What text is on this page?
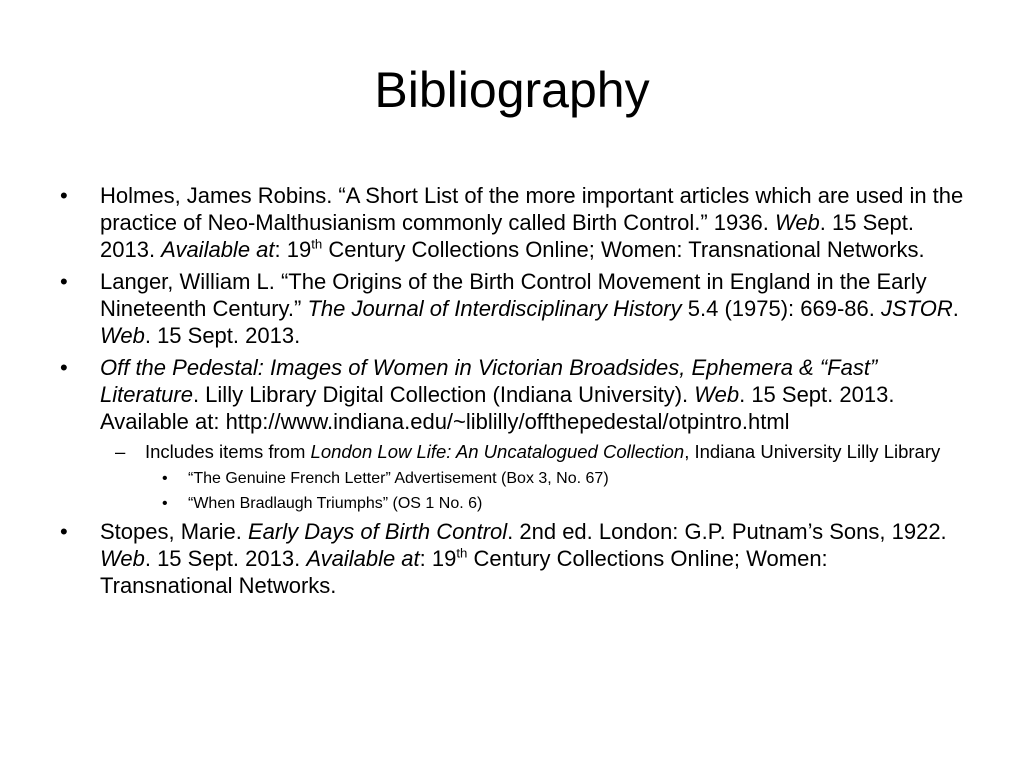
Bibliography
•	Holmes, James Robins. “A Short List of the more important articles which are used in the practice of Neo-Malthusianism commonly called Birth Control.” 1936. Web. 15 Sept. 2013. Available at: 19th Century Collections Online; Women: Transnational Networks.
•	Langer, William L. “The Origins of the Birth Control Movement in England in the Early Nineteenth Century.” The Journal of Interdisciplinary History 5.4 (1975): 669-86. JSTOR. Web. 15 Sept. 2013.
•	Off the Pedestal: Images of Women in Victorian Broadsides, Ephemera & “Fast” Literature. Lilly Library Digital Collection (Indiana University). Web. 15 Sept. 2013. Available at: http://www.indiana.edu/~liblilly/offthepedestal/otpintro.html
– Includes items from London Low Life: An Uncatalogued Collection, Indiana University Lilly Library
• “The Genuine French Letter” Advertisement (Box 3, No. 67)
• “When Bradlaugh Triumphs” (OS 1 No. 6)
•	Stopes, Marie. Early Days of Birth Control. 2nd ed. London: G.P. Putnam’s Sons, 1922. Web. 15 Sept. 2013. Available at: 19th Century Collections Online; Women: Transnational Networks.
